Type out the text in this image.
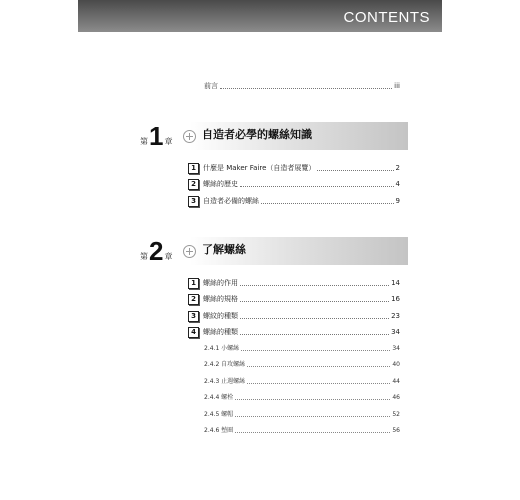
CONTENTS
前言	iii
第 1 章
自造者必學的螺絲知識
1	什麼是 Maker Faire（自造者展覽）	2
2	螺絲的歷史	4
3	自造者必備的螺絲	9
第 2 章
了解螺絲
1	螺絲的作用	14
2	螺絲的規格	16
3	螺紋的種類	23
4	螺絲的種類	34
2.4.1 小螺絲	34
2.4.2 自攻螺絲	40
2.4.3 止週螺絲	44
2.4.4 螺栓	46
2.4.5 螺帽	52
2.4.6 墊圈	56
